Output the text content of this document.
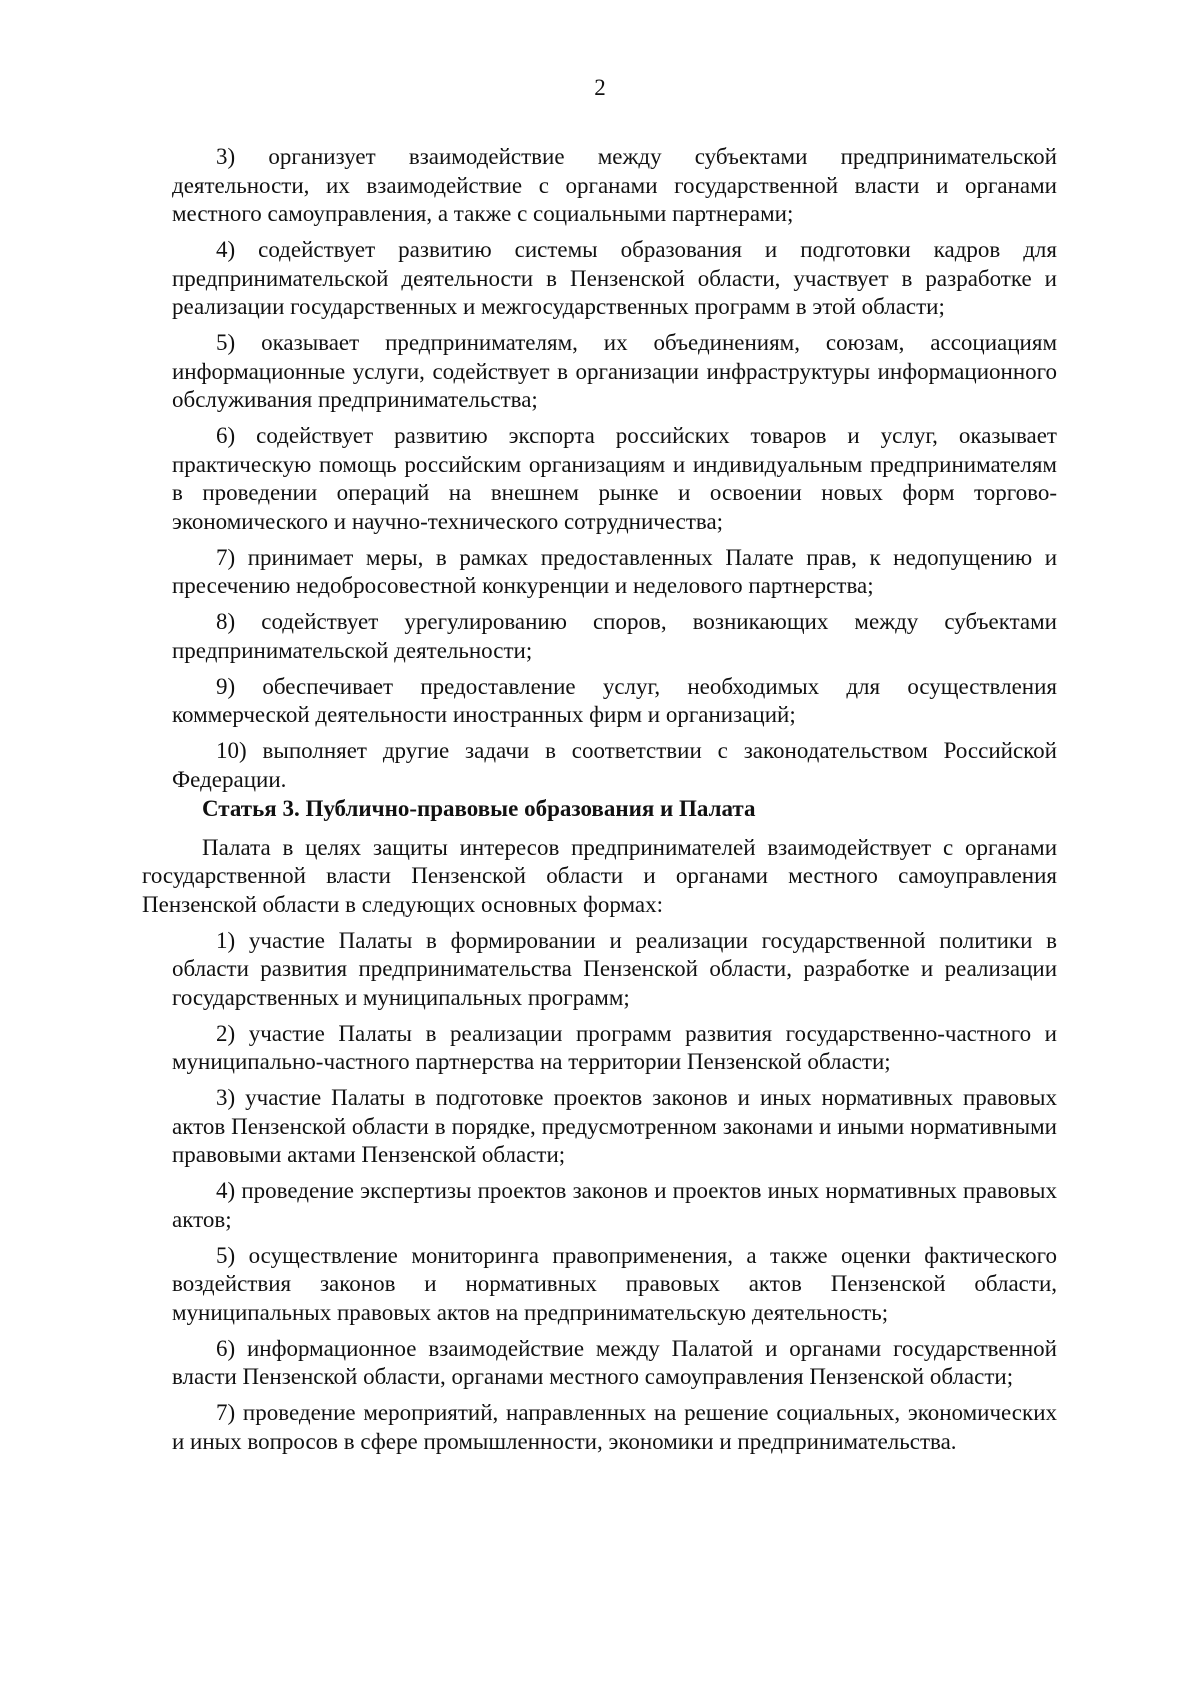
2

3) организует взаимодействие между субъектами предпринимательской деятельности, их взаимодействие с органами государственной власти и органами местного самоуправления, а также с социальными партнерами;

4) содействует развитию системы образования и подготовки кадров для предпринимательской деятельности в Пензенской области, участвует в разработке и реализации государственных и межгосударственных программ в этой области;

5) оказывает предпринимателям, их объединениям, союзам, ассоциациям информационные услуги, содействует в организации инфраструктуры информационного обслуживания предпринимательства;

6) содействует развитию экспорта российских товаров и услуг, оказывает практическую помощь российским организациям и индивидуальным предпринимателям в проведении операций на внешнем рынке и освоении новых форм торгово-экономического и научно-технического сотрудничества;

7) принимает меры, в рамках предоставленных Палате прав, к недопущению и пресечению недобросовестной конкуренции и неделового партнерства;

8) содействует урегулированию споров, возникающих между субъектами предпринимательской деятельности;

9) обеспечивает предоставление услуг, необходимых для осуществления коммерческой деятельности иностранных фирм и организаций;

10) выполняет другие задачи в соответствии с законодательством Российской Федерации.

Статья 3. Публично-правовые образования и Палата

Палата в целях защиты интересов предпринимателей взаимодействует с органами государственной власти Пензенской области и органами местного самоуправления Пензенской области в следующих основных формах:

1) участие Палаты в формировании и реализации государственной политики в области развития предпринимательства Пензенской области, разработке и реализации государственных и муниципальных программ;

2) участие Палаты в реализации программ развития государственно-частного и муниципально-частного партнерства на территории Пензенской области;

3) участие Палаты в подготовке проектов законов и иных нормативных правовых актов Пензенской области в порядке, предусмотренном законами и иными нормативными правовыми актами Пензенской области;

4) проведение экспертизы проектов законов и проектов иных нормативных правовых актов;

5) осуществление мониторинга правоприменения, а также оценки фактического воздействия законов и нормативных правовых актов Пензенской области, муниципальных правовых актов на предпринимательскую деятельность;

6) информационное взаимодействие между Палатой и органами государственной власти Пензенской области, органами местного самоуправления Пензенской области;

7) проведение мероприятий, направленных на решение социальных, экономических и иных вопросов в сфере промышленности, экономики и предпринимательства.
